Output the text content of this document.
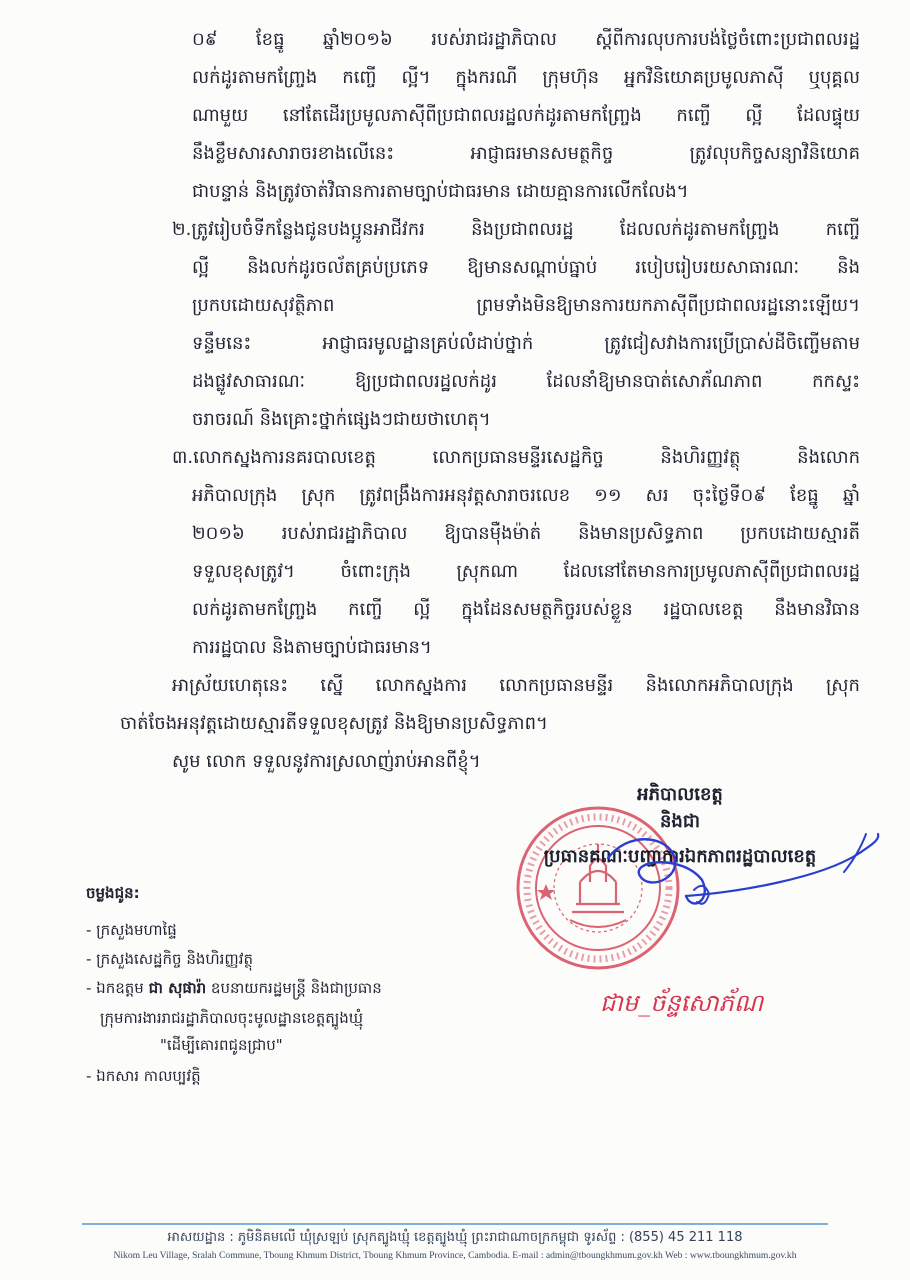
០៩ ខែធ្នូ ឆ្នាំ២០១៦ របស់រាជរដ្ឋាភិបាល ស្តីពីការលុបការបង់ថ្លៃចំពោះប្រជាពលរដ្ឋ
លក់ដូរតាមកញ្ច្រែង កញ្ចើ ល្អី។ ក្នុងករណី ក្រុមហ៊ុន អ្នកវិនិយោគប្រមូលភាស៊ី ឬបុគ្គល
ណាមួយ នៅតែដើរប្រមូលភាស៊ីពីប្រជាពលរដ្ឋលក់ដូរតាមកញ្ច្រែង កញ្ចើ ល្អី ដែលផ្ទុយ
នឹងខ្លឹមសារសារាចរខាងលើនេះ អាជ្ញាធរមានសមត្ថកិច្ច ត្រូវលុបកិច្ចសន្យាវិនិយោគ
ជាបន្ទាន់ និងត្រូវចាត់វិធានការតាមច្បាប់ជាធរមាន ដោយគ្មានការលើកលែង។
២.ត្រូវរៀបចំទីកន្លែងជូនបងប្អូនអាជីវករ និងប្រជាពលរដ្ឋ ដែលលក់ដូរតាមកញ្ច្រែង កញ្ចើ
ល្អី និងលក់ដូរចល័តគ្រប់ប្រភេទ ឱ្យមានសណ្តាប់ធ្នាប់ របៀបរៀបរយសាធារណៈ និង
ប្រកបដោយសុវត្ថិភាព ព្រមទាំងមិនឱ្យមានការយកភាស៊ីពីប្រជាពលរដ្ឋនោះឡើយ។
ទន្ទឹមនេះ អាជ្ញាធរមូលដ្ឋានគ្រប់លំដាប់ថ្នាក់ ត្រូវជៀសវាងការប្រើប្រាស់ដីចិញ្ចើមតាម
ដងផ្លូវសាធារណៈ ឱ្យប្រជាពលរដ្ឋលក់ដូរ ដែលនាំឱ្យមានបាត់សោភ័ណភាព កកស្ទះ
ចរាចរណ៍ និងគ្រោះថ្នាក់ផ្សេងៗជាយថាហេតុ។
៣.លោកស្នងការនគរបាលខេត្ត លោកប្រធានមន្ទីរសេដ្ឋកិច្ច និងហិរញ្ញវត្ថុ និងលោក
អភិបាលក្រុង ស្រុក ត្រូវពង្រឹងការអនុវត្តសារាចរលេខ ១១ សរ ចុះថ្ងៃទី០៩ ខែធ្នូ ឆ្នាំ
២០១៦ របស់រាជរដ្ឋាភិបាល ឱ្យបានម៉ឺងម៉ាត់ និងមានប្រសិទ្ធភាព ប្រកបដោយស្មារតី
ទទួលខុសត្រូវ។ ចំពោះក្រុង ស្រុកណា ដែលនៅតែមានការប្រមូលភាស៊ីពីប្រជាពលរដ្ឋ
លក់ដូរតាមកញ្ច្រែង កញ្ចើ ល្អី ក្នុងដែនសមត្ថកិច្ចរបស់ខ្លួន រដ្ឋបាលខេត្ត នឹងមានវិធាន
ការរដ្ឋបាល និងតាមច្បាប់ជាធរមាន។
អាស្រ័យហេតុនេះ ស្នើ លោកស្នងការ លោកប្រធានមន្ទីរ និងលោកអភិបាលក្រុង ស្រុក
ចាត់ចែងអនុវត្តដោយស្មារតីទទួលខុសត្រូវ និងឱ្យមានប្រសិទ្ធភាព។
សូម លោក ទទួលនូវការស្រលាញ់រាប់អានពីខ្ញុំ។
អភិបាលខេត្ត
និងជា
ប្រធានគណៈបញ្ជាការឯកភាពរដ្ឋបាលខេត្ត
ជាម_ច័ន្ទសោភ័ណ
ចម្លងជូន:
- ក្រសួងមហាផ្ទៃ
- ក្រសួងសេដ្ឋកិច្ច និងហិរញ្ញវត្ថុ
- ឯកឧត្តម ជា សុផារ៉ា ឧបនាយករដ្ឋមន្ត្រី និងជាប្រធាន
ក្រុមការងាររាជរដ្ឋាភិបាលចុះមូលដ្ឋានខេត្តត្បូងឃ្មុំ
"ដើម្បីគោរពជូនជ្រាប"
- ឯកសារ កាលប្បវត្តិ
អាសយដ្ឋាន : ភូមិនិគមលើ ឃុំស្រឡប់ ស្រុកត្បូងឃ្មុំ ខេត្តត្បូងឃ្មុំ ព្រះរាជាណាចក្រកម្ពុជា ទូរស័ព្ទ : (855) 45 211 118
Nikom Leu Village, Sralah Commune, Tboung Khmum District, Tboung Khmum Province, Cambodia. E-mail : admin@tboungkhmum.gov.kh Web : www.tboungkhmum.gov.kh
